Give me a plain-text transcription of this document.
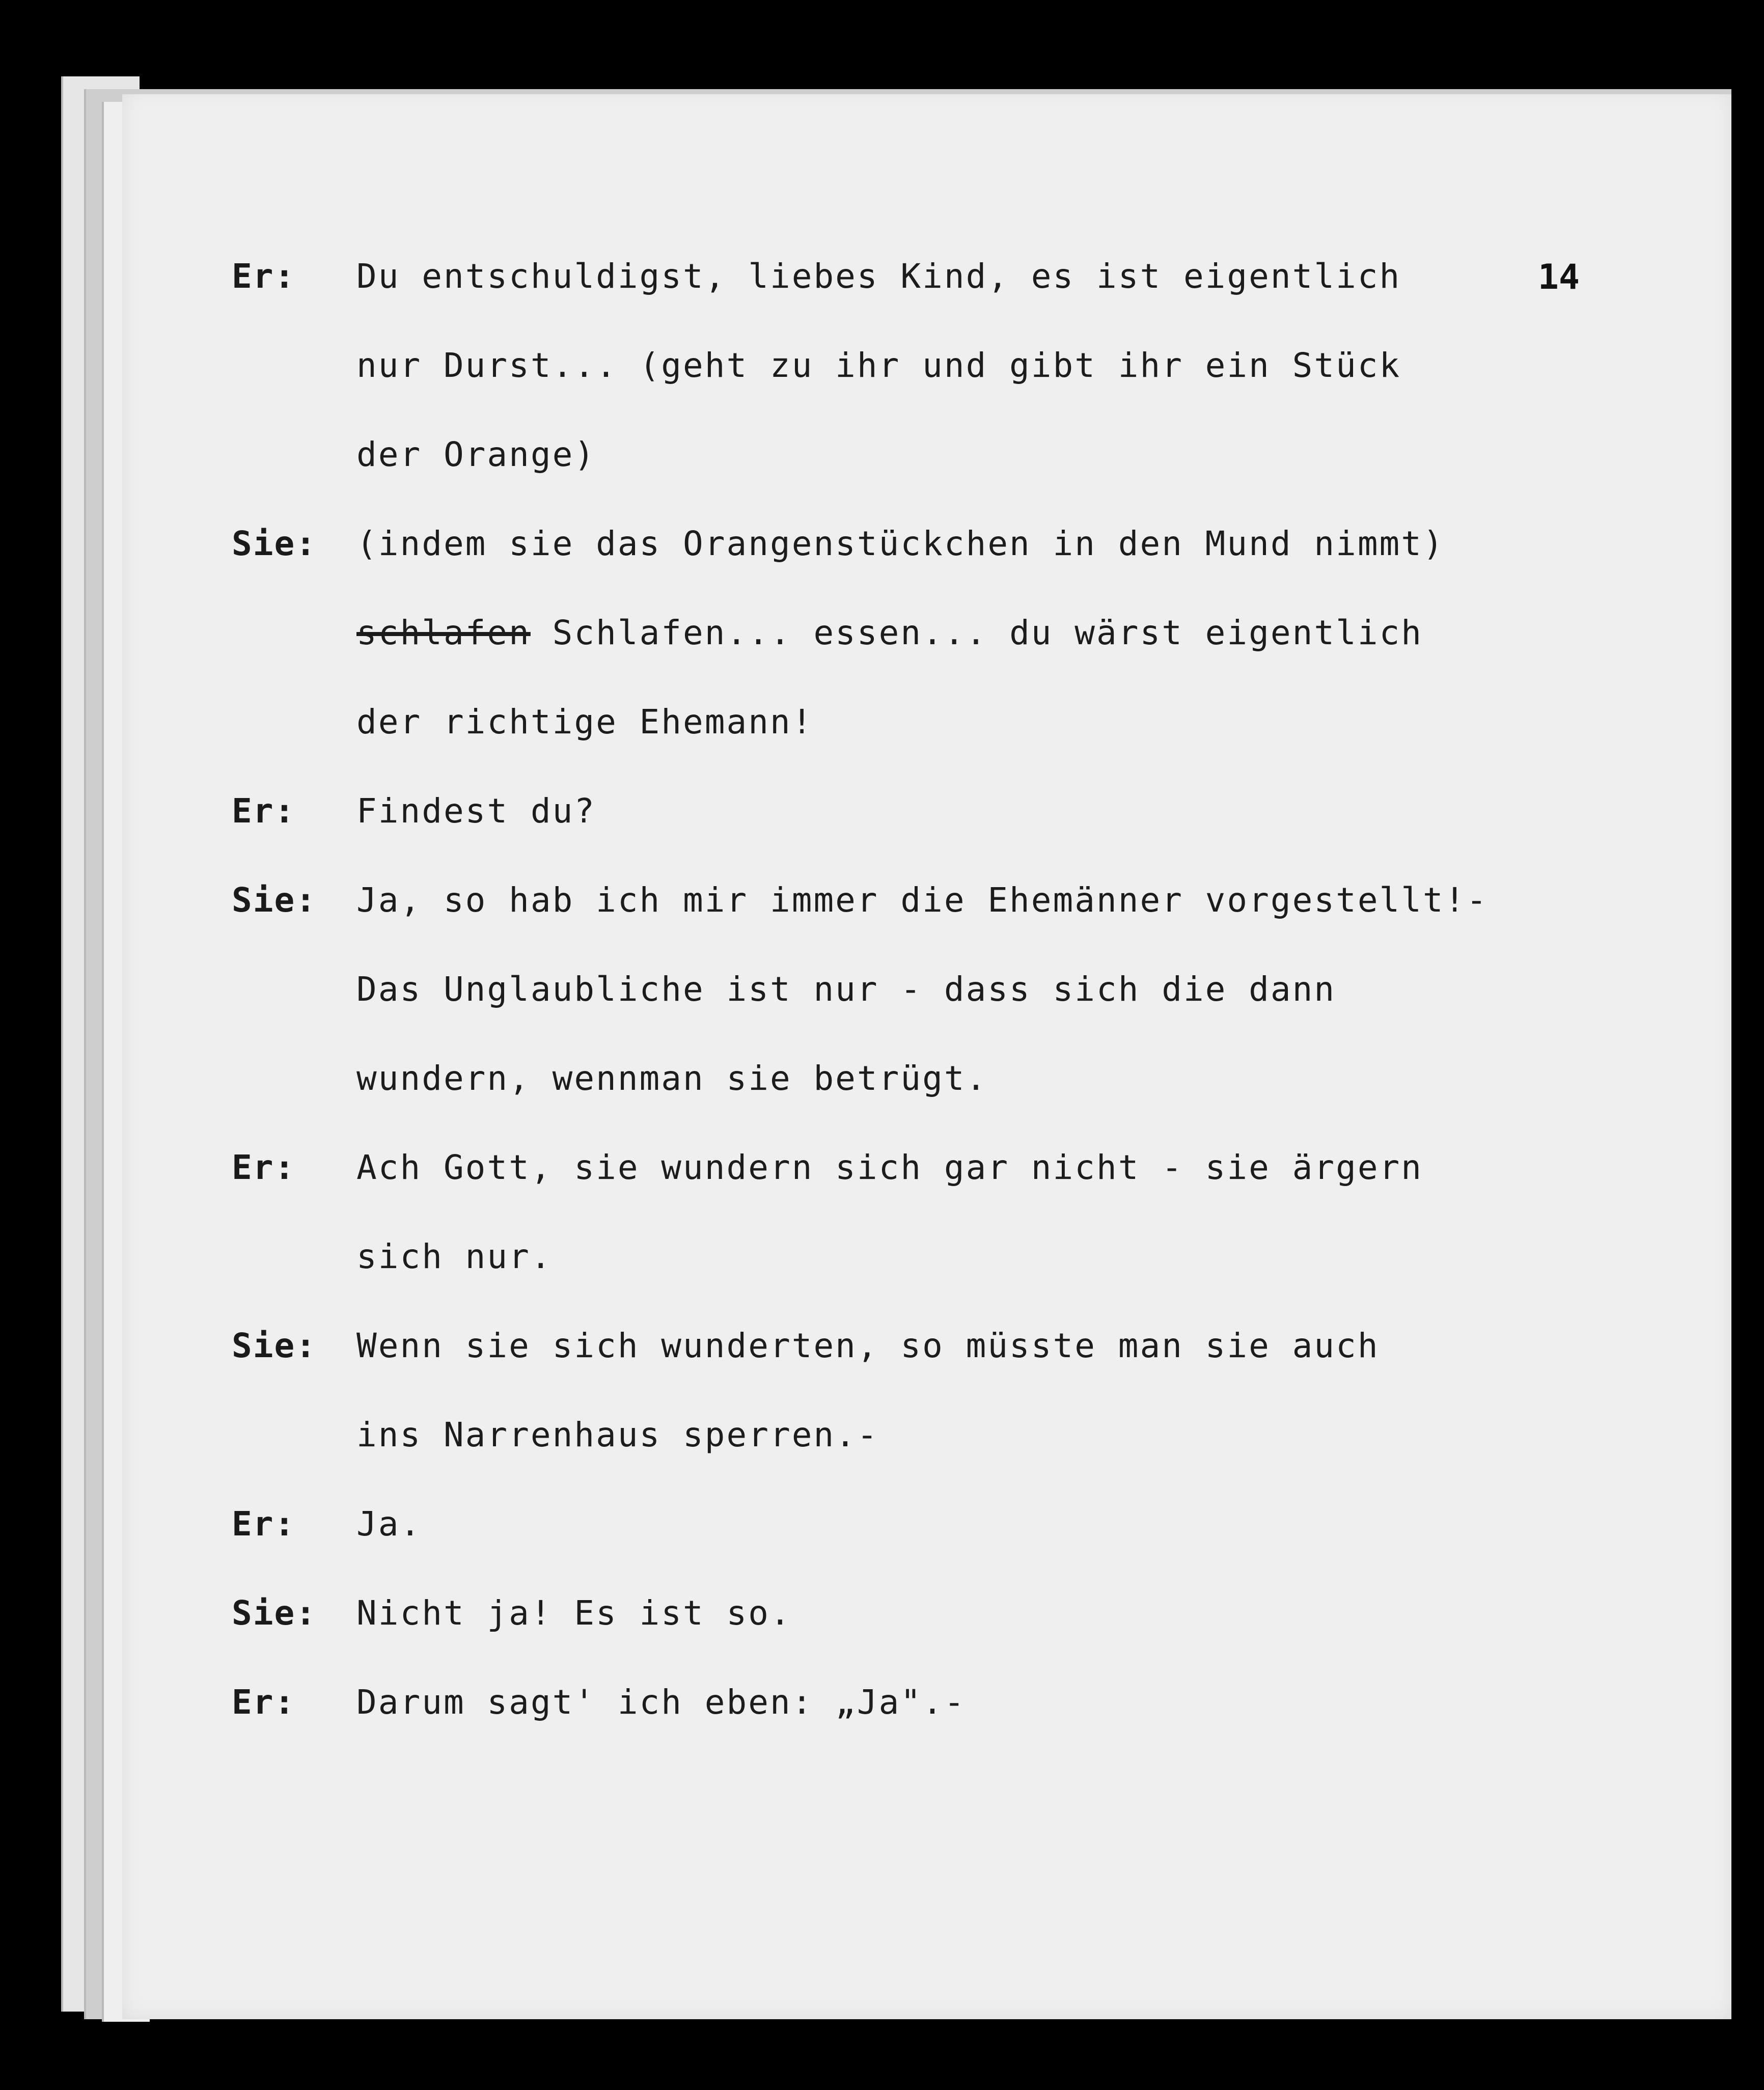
14
Er:	Du entschuldigst, liebes Kind, es ist eigentlich
nur Durst... (geht zu ihr und gibt ihr ein Stück
der Orange)
Sie:	(indem sie das Orangenstückchen in den Mund nimmt)
schlafen Schlafen... essen... du wärst eigentlich
der richtige Ehemann!
Er:	Findest du?
Sie:	Ja, so hab ich mir immer die Ehemänner vorgestellt!-
Das Unglaubliche ist nur - dass sich die dann
wundern, wennman sie betrügt.
Er:	Ach Gott, sie wundern sich gar nicht - sie ärgern
sich nur.
Sie:	Wenn sie sich wunderten, so müsste man sie auch
ins Narrenhaus sperren.-
Er:	Ja.
Sie:	Nicht ja! Es ist so.
Er:	Darum sagt' ich eben: „Ja".-
